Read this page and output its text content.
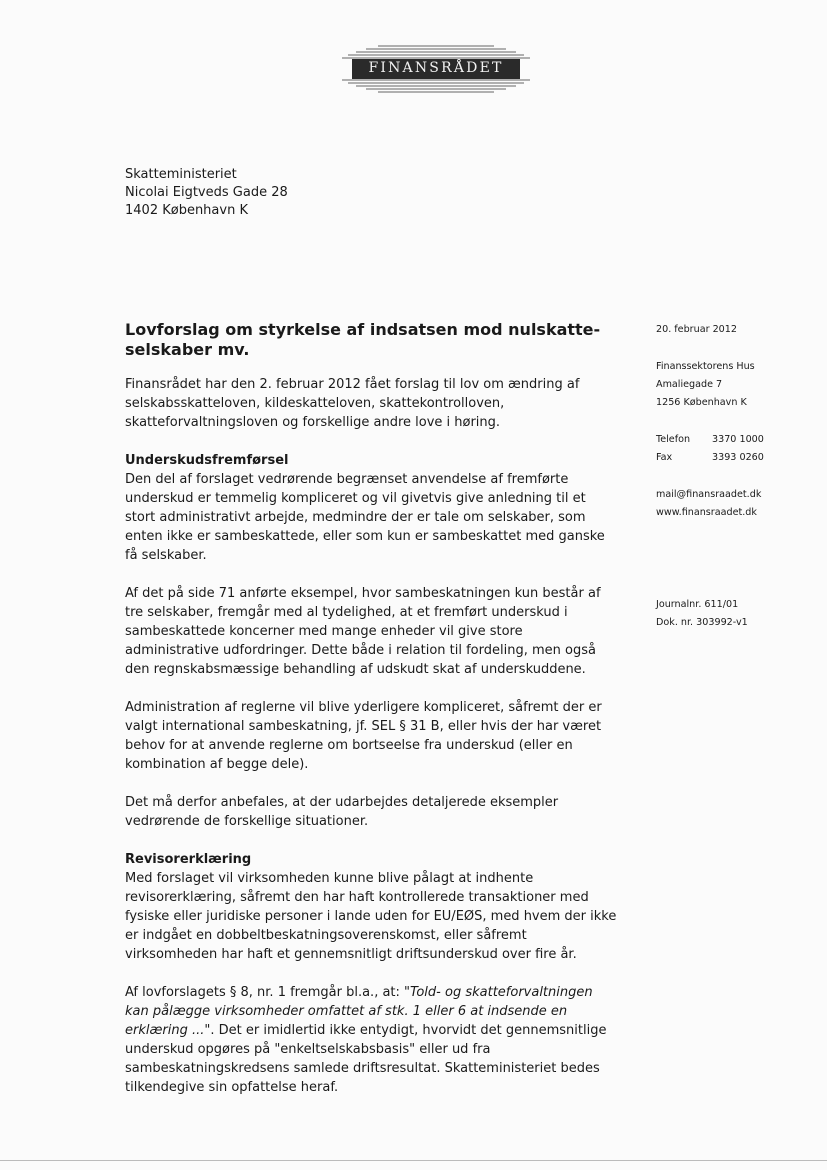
FINANSRÅDET
Skatteministeriet
Nicolai Eigtveds Gade 28
1402 København K
Lovforslag om styrkelse af indsatsen mod nulskatte-selskaber mv.

Finansrådet har den 2. februar 2012 fået forslag til lov om ændring af selskabsskatteloven, kildeskatteloven, skattekontrolloven, skatteforvaltningsloven og forskellige andre love i høring.

Underskudsfremførsel

Den del af forslaget vedrørende begrænset anvendelse af fremførte underskud er temmelig kompliceret og vil givetvis give anledning til et stort administrativt arbejde, medmindre der er tale om selskaber, som enten ikke er sambeskattede, eller som kun er sambeskattet med ganske få selskaber.

Af det på side 71 anførte eksempel, hvor sambeskatningen kun består af tre selskaber, fremgår med al tydelighed, at et fremført underskud i sambeskattede koncerner med mange enheder vil give store administrative udfordringer. Dette både i relation til fordeling, men også den regnskabsmæssige behandling af udskudt skat af underskuddene.

Administration af reglerne vil blive yderligere kompliceret, såfremt der er valgt international sambeskatning, jf. SEL § 31 B, eller hvis der har været behov for at anvende reglerne om bortseelse fra underskud (eller en kombination af begge dele).

Det må derfor anbefales, at der udarbejdes detaljerede eksempler vedrørende de forskellige situationer.

Revisorerklæring

Med forslaget vil virksomheden kunne blive pålagt at indhente revisorerklæring, såfremt den har haft kontrollerede transaktioner med fysiske eller juridiske personer i lande uden for EU/EØS, med hvem der ikke er indgået en dobbeltbeskatningsoverenskomst, eller såfremt virksomheden har haft et gennemsnitligt driftsunderskud over fire år.

Af lovforslagets § 8, nr. 1 fremgår bl.a., at: "Told- og skatteforvaltningen kan pålægge virksomheder omfattet af stk. 1 eller 6 at indsende en erklæring ...". Det er imidlertid ikke entydigt, hvorvidt det gennemsnitlige underskud opgøres på "enkeltselskabsbasis" eller ud fra sambeskatningskredsens samlede driftsresultat. Skatteministeriet bedes tilkendegive sin opfattelse heraf.

20. februar 2012
Finanssektorens Hus
Amaliegade 7
1256 København K
Telefon 3370 1000
Fax	3393 0260
mail@finansraadet.dk
www.finansraadet.dk
Journalnr. 611/01
Dok. nr. 303992-v1
